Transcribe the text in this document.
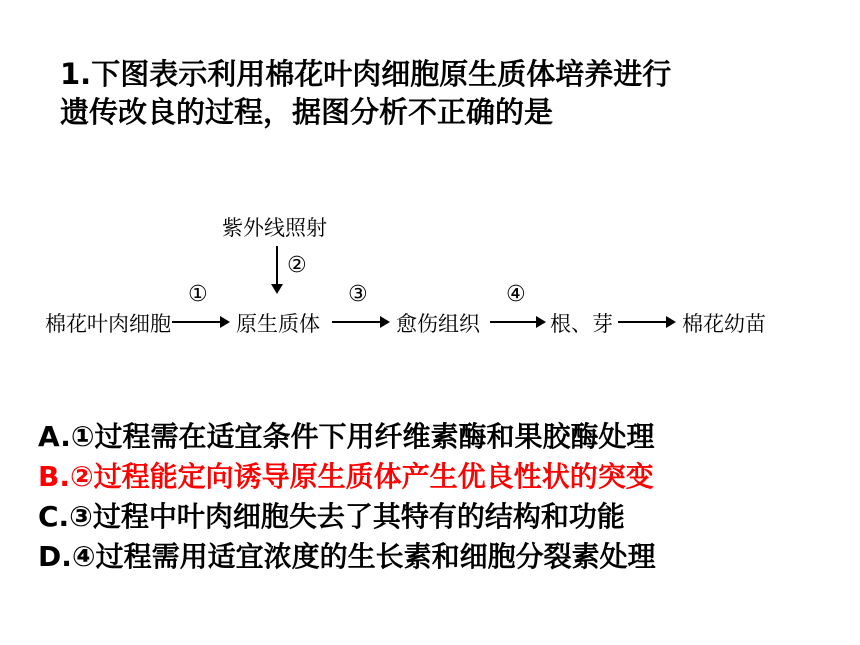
1.下图表示利用棉花叶肉细胞原生质体培养进行
遗传改良的过程，据图分析不正确的是
紫外线照射
②
棉花叶肉细胞
①
原生质体
③
愈伤组织
④
根、芽	棉花幼苗
A.①过程需在适宜条件下用纤维素酶和果胶酶处理
B.②过程能定向诱导原生质体产生优良性状的突变
C.③过程中叶肉细胞失去了其特有的结构和功能
D.④过程需用适宜浓度的生长素和细胞分裂素处理
